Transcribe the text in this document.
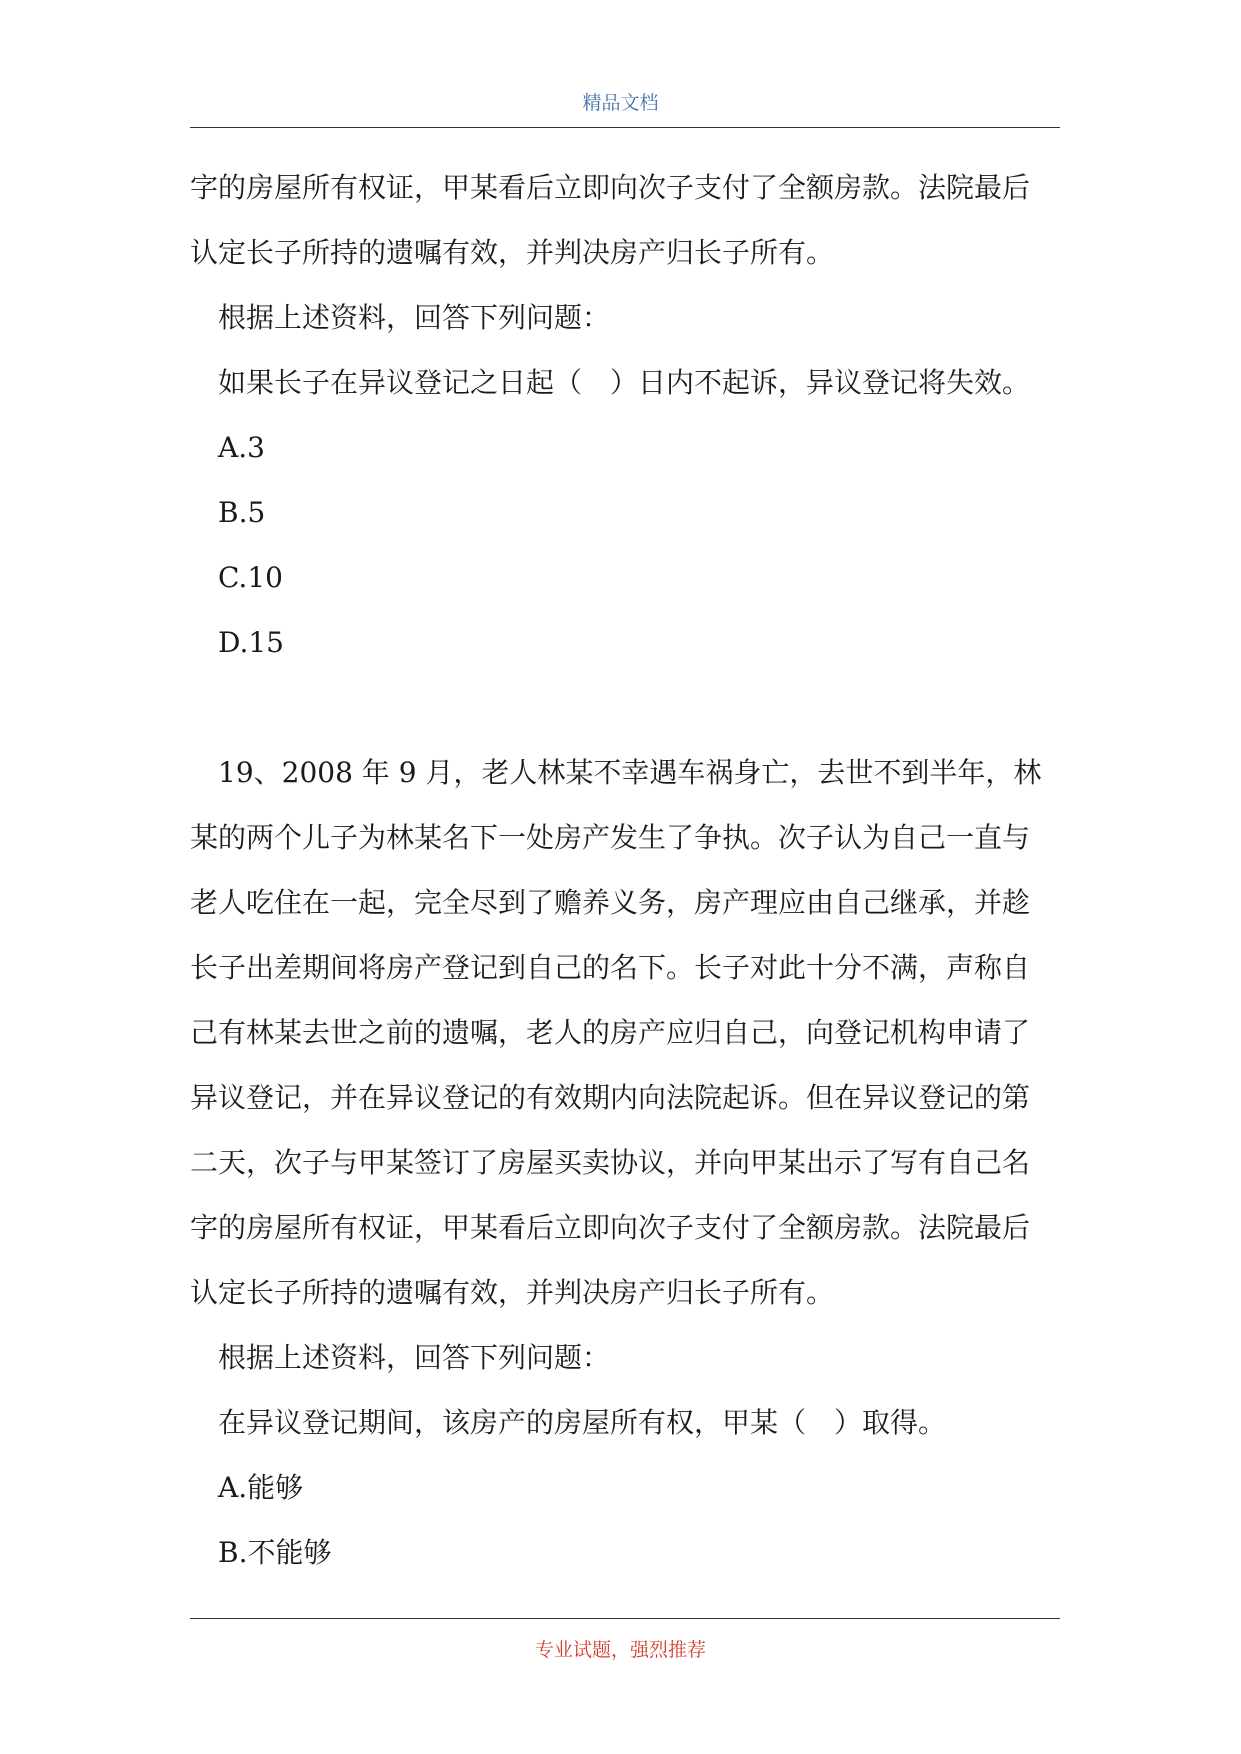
精品文档

字的房屋所有权证，甲某看后立即向次子支付了全额房款。法院最后

认定长子所持的遗嘱有效，并判决房产归长子所有。

根据上述资料，回答下列问题：

如果长子在异议登记之日起（　）日内不起诉，异议登记将失效。

A.3

B.5

C.10

D.15

19、2008 年 9 月，老人林某不幸遇车祸身亡，去世不到半年，林

某的两个儿子为林某名下一处房产发生了争执。次子认为自己一直与

老人吃住在一起，完全尽到了赡养义务，房产理应由自己继承，并趁

长子出差期间将房产登记到自己的名下。长子对此十分不满，声称自

己有林某去世之前的遗嘱，老人的房产应归自己，向登记机构申请了

异议登记，并在异议登记的有效期内向法院起诉。但在异议登记的第

二天，次子与甲某签订了房屋买卖协议，并向甲某出示了写有自己名

字的房屋所有权证，甲某看后立即向次子支付了全额房款。法院最后

认定长子所持的遗嘱有效，并判决房产归长子所有。

根据上述资料，回答下列问题：

在异议登记期间，该房产的房屋所有权，甲某（　）取得。

A.能够

B.不能够

专业试题，强烈推荐
